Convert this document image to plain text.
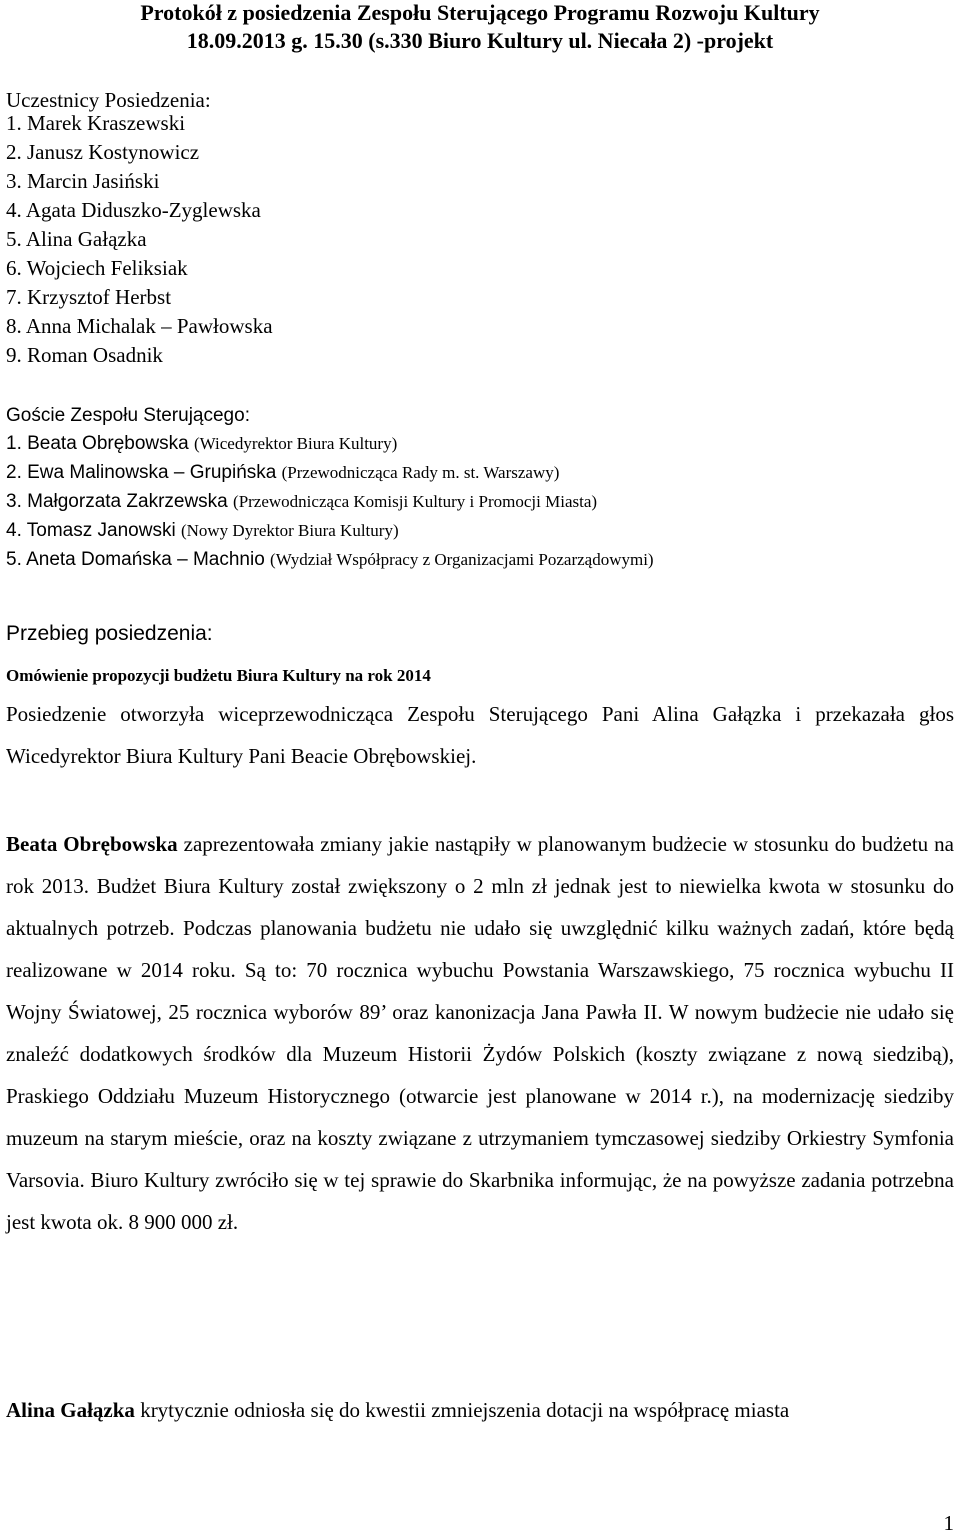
Protokół z posiedzenia Zespołu Sterującego Programu Rozwoju Kultury
18.09.2013 g. 15.30 (s.330 Biuro Kultury ul. Niecała 2) -projekt
Uczestnicy Posiedzenia:
1. Marek Kraszewski
2. Janusz Kostynowicz
3. Marcin Jasiński
4. Agata Diduszko-Zyglewska
5. Alina Gałązka
6. Wojciech Feliksiak
7. Krzysztof Herbst
8. Anna Michalak – Pawłowska
9. Roman Osadnik
Goście Zespołu Sterującego:
1. Beata Obrębowska (Wicedyrektor Biura Kultury)
2. Ewa Malinowska – Grupińska (Przewodnicząca Rady m. st. Warszawy)
3. Małgorzata Zakrzewska (Przewodnicząca Komisji Kultury i Promocji Miasta)
4. Tomasz Janowski (Nowy Dyrektor Biura Kultury)
5. Aneta Domańska – Machnio (Wydział Współpracy z Organizacjami Pozarządowymi)
Przebieg posiedzenia:

Omówienie propozycji budżetu Biura Kultury na rok 2014

Posiedzenie otworzyła wiceprzewodnicząca Zespołu Sterującego Pani Alina Gałązka i przekazała głos Wicedyrektor Biura Kultury Pani Beacie Obrębowskiej.

Beata Obrębowska zaprezentowała zmiany jakie nastąpiły w planowanym budżecie w stosunku do budżetu na rok 2013. Budżet Biura Kultury został zwiększony o 2 mln zł jednak jest to niewielka kwota w stosunku do aktualnych potrzeb. Podczas planowania budżetu nie udało się uwzględnić kilku ważnych zadań, które będą realizowane w 2014 roku. Są to: 70 rocznica wybuchu Powstania Warszawskiego, 75 rocznica wybuchu II Wojny Światowej, 25 rocznica wyborów 89’ oraz kanonizacja Jana Pawła II. W nowym budżecie nie udało się znaleźć dodatkowych środków dla Muzeum Historii Żydów Polskich (koszty związane z nową siedzibą), Praskiego Oddziału Muzeum Historycznego (otwarcie jest planowane w 2014 r.), na modernizację siedziby muzeum na starym mieście, oraz na koszty związane z utrzymaniem tymczasowej siedziby Orkiestry Symfonia Varsovia. Biuro Kultury zwróciło się w tej sprawie do Skarbnika informując, że na powyższe zadania potrzebna jest kwota ok. 8 900 000 zł.

Alina Gałązka krytycznie odniosła się do kwestii zmniejszenia dotacji na współpracę miasta

1
